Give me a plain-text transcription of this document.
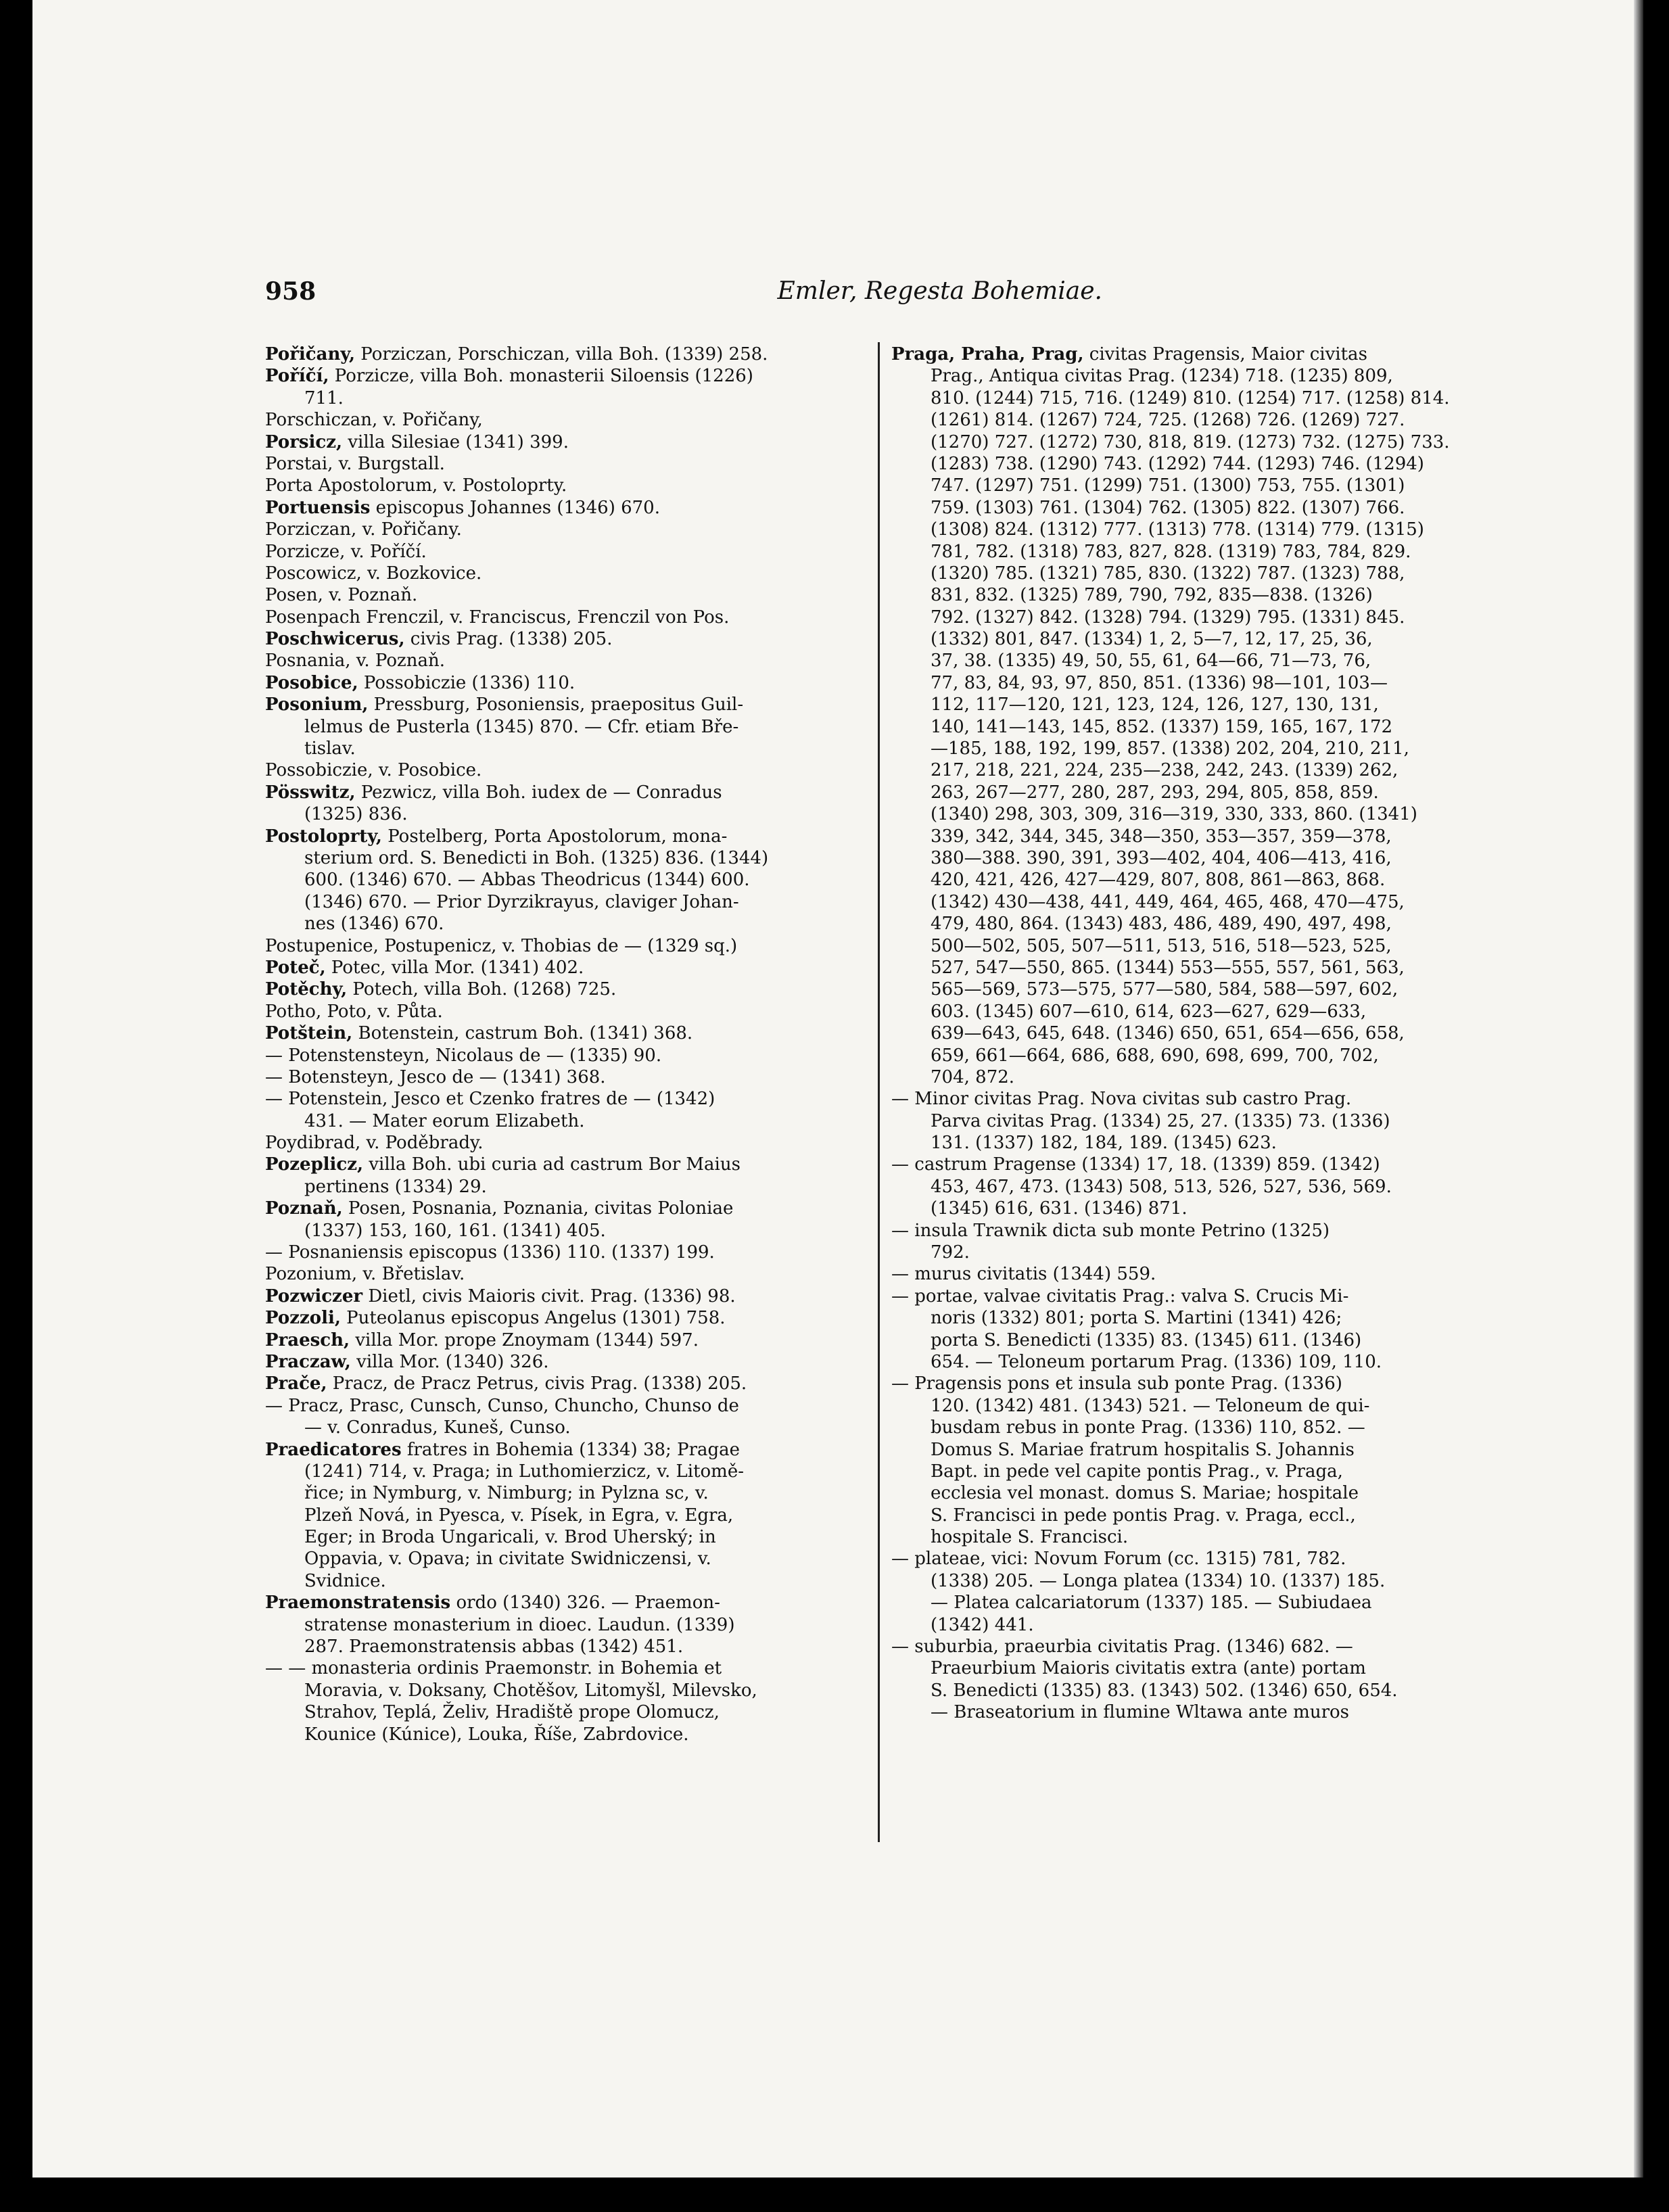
958	Emler, Regesta Bohemiae.
Pořičany, Porziczan, Porschiczan, villa Boh. (1339) 258.
Poříčí, Porzicze, villa Boh. monasterii Siloensis (1226)
711.
Porschiczan, v. Pořičany,
Porsicz, villa Silesiae (1341) 399.
Porstai, v. Burgstall.
Porta Apostolorum, v. Postoloprty.
Portuensis episcopus Johannes (1346) 670.
Porziczan, v. Pořičany.
Porzicze, v. Poříčí.
Poscowicz, v. Bozkovice.
Posen, v. Poznaň.
Posenpach Frenczil, v. Franciscus, Frenczil von Pos.
Poschwicerus, civis Prag. (1338) 205.
Posnania, v. Poznaň.
Posobice, Possobiczie (1336) 110.
Posonium, Pressburg, Posoniensis, praepositus Guil-
lelmus de Pusterla (1345) 870. — Cfr. etiam Bře-
tislav.
Possobiczie, v. Posobice.
Pösswitz, Pezwicz, villa Boh. iudex de — Conradus
(1325) 836.
Postoloprty, Postelberg, Porta Apostolorum, mona-
sterium ord. S. Benedicti in Boh. (1325) 836. (1344)
600. (1346) 670. — Abbas Theodricus (1344) 600.
(1346) 670. — Prior Dyrzikrayus, claviger Johan-
nes (1346) 670.
Postupenice, Postupenicz, v. Thobias de — (1329 sq.)
Poteč, Potec, villa Mor. (1341) 402.
Potěchy, Potech, villa Boh. (1268) 725.
Potho, Poto, v. Půta.
Potštein, Botenstein, castrum Boh. (1341) 368.
— Potenstensteyn, Nicolaus de — (1335) 90.
— Botensteyn, Jesco de — (1341) 368.
— Potenstein, Jesco et Czenko fratres de — (1342)
431. — Mater eorum Elizabeth.
Poydibrad, v. Poděbrady.
Pozeplicz, villa Boh. ubi curia ad castrum Bor Maius
pertinens (1334) 29.
Poznaň, Posen, Posnania, Poznania, civitas Poloniae
(1337) 153, 160, 161. (1341) 405.
— Posnaniensis episcopus (1336) 110. (1337) 199.
Pozonium, v. Břetislav.
Pozwiczer Dietl, civis Maioris civit. Prag. (1336) 98.
Pozzoli, Puteolanus episcopus Angelus (1301) 758.
Praesch, villa Mor. prope Znoymam (1344) 597.
Praczaw, villa Mor. (1340) 326.
Prače, Pracz, de Pracz Petrus, civis Prag. (1338) 205.
— Pracz, Prasc, Cunsch, Cunso, Chuncho, Chunso de
— v. Conradus, Kuneš, Cunso.
Praedicatores fratres in Bohemia (1334) 38; Pragae
(1241) 714, v. Praga; in Luthomierzicz, v. Litomě-
řice; in Nymburg, v. Nimburg; in Pylzna sc, v.
Plzeň Nová, in Pyesca, v. Písek, in Egra, v. Egra,
Eger; in Broda Ungaricali, v. Brod Uherský; in
Oppavia, v. Opava; in civitate Swidniczensi, v.
Svidnice.
Praemonstratensis ordo (1340) 326. — Praemon-
stratense monasterium in dioec. Laudun. (1339)
287. Praemonstratensis abbas (1342) 451.
— — monasteria ordinis Praemonstr. in Bohemia et
Moravia, v. Doksany, Chotěšov, Litomyšl, Milevsko,
Strahov, Teplá, Želiv, Hradiště prope Olomucz,
Kounice (Kúnice), Louka, Říše, Zabrdovice.
Praga, Praha, Prag, civitas Pragensis, Maior civitas
Prag., Antiqua civitas Prag. (1234) 718. (1235) 809,
810. (1244) 715, 716. (1249) 810. (1254) 717. (1258) 814.
(1261) 814. (1267) 724, 725. (1268) 726. (1269) 727.
(1270) 727. (1272) 730, 818, 819. (1273) 732. (1275) 733.
(1283) 738. (1290) 743. (1292) 744. (1293) 746. (1294)
747. (1297) 751. (1299) 751. (1300) 753, 755. (1301)
759. (1303) 761. (1304) 762. (1305) 822. (1307) 766.
(1308) 824. (1312) 777. (1313) 778. (1314) 779. (1315)
781, 782. (1318) 783, 827, 828. (1319) 783, 784, 829.
(1320) 785. (1321) 785, 830. (1322) 787. (1323) 788,
831, 832. (1325) 789, 790, 792, 835—838. (1326)
792. (1327) 842. (1328) 794. (1329) 795. (1331) 845.
(1332) 801, 847. (1334) 1, 2, 5—7, 12, 17, 25, 36,
37, 38. (1335) 49, 50, 55, 61, 64—66, 71—73, 76,
77, 83, 84, 93, 97, 850, 851. (1336) 98—101, 103—
112, 117—120, 121, 123, 124, 126, 127, 130, 131,
140, 141—143, 145, 852. (1337) 159, 165, 167, 172
—185, 188, 192, 199, 857. (1338) 202, 204, 210, 211,
217, 218, 221, 224, 235—238, 242, 243. (1339) 262,
263, 267—277, 280, 287, 293, 294, 805, 858, 859.
(1340) 298, 303, 309, 316—319, 330, 333, 860. (1341)
339, 342, 344, 345, 348—350, 353—357, 359—378,
380—388. 390, 391, 393—402, 404, 406—413, 416,
420, 421, 426, 427—429, 807, 808, 861—863, 868.
(1342) 430—438, 441, 449, 464, 465, 468, 470—475,
479, 480, 864. (1343) 483, 486, 489, 490, 497, 498,
500—502, 505, 507—511, 513, 516, 518—523, 525,
527, 547—550, 865. (1344) 553—555, 557, 561, 563,
565—569, 573—575, 577—580, 584, 588—597, 602,
603. (1345) 607—610, 614, 623—627, 629—633,
639—643, 645, 648. (1346) 650, 651, 654—656, 658,
659, 661—664, 686, 688, 690, 698, 699, 700, 702,
704, 872.
— Minor civitas Prag. Nova civitas sub castro Prag.
Parva civitas Prag. (1334) 25, 27. (1335) 73. (1336)
131. (1337) 182, 184, 189. (1345) 623.
— castrum Pragense (1334) 17, 18. (1339) 859. (1342)
453, 467, 473. (1343) 508, 513, 526, 527, 536, 569.
(1345) 616, 631. (1346) 871.
— insula Trawnik dicta sub monte Petrino (1325)
792.
— murus civitatis (1344) 559.
— portae, valvae civitatis Prag.: valva S. Crucis Mi-
noris (1332) 801; porta S. Martini (1341) 426;
porta S. Benedicti (1335) 83. (1345) 611. (1346)
654. — Teloneum portarum Prag. (1336) 109, 110.
— Pragensis pons et insula sub ponte Prag. (1336)
120. (1342) 481. (1343) 521. — Teloneum de qui-
busdam rebus in ponte Prag. (1336) 110, 852. —
Domus S. Mariae fratrum hospitalis S. Johannis
Bapt. in pede vel capite pontis Prag., v. Praga,
ecclesia vel monast. domus S. Mariae; hospitale
S. Francisci in pede pontis Prag. v. Praga, eccl.,
hospitale S. Francisci.
— plateae, vici: Novum Forum (cc. 1315) 781, 782.
(1338) 205. — Longa platea (1334) 10. (1337) 185.
— Platea calcariatorum (1337) 185. — Subiudaea
(1342) 441.
— suburbia, praeurbia civitatis Prag. (1346) 682. —
Praeurbium Maioris civitatis extra (ante) portam
S. Benedicti (1335) 83. (1343) 502. (1346) 650, 654.
— Braseatorium in flumine Wltawa ante muros
